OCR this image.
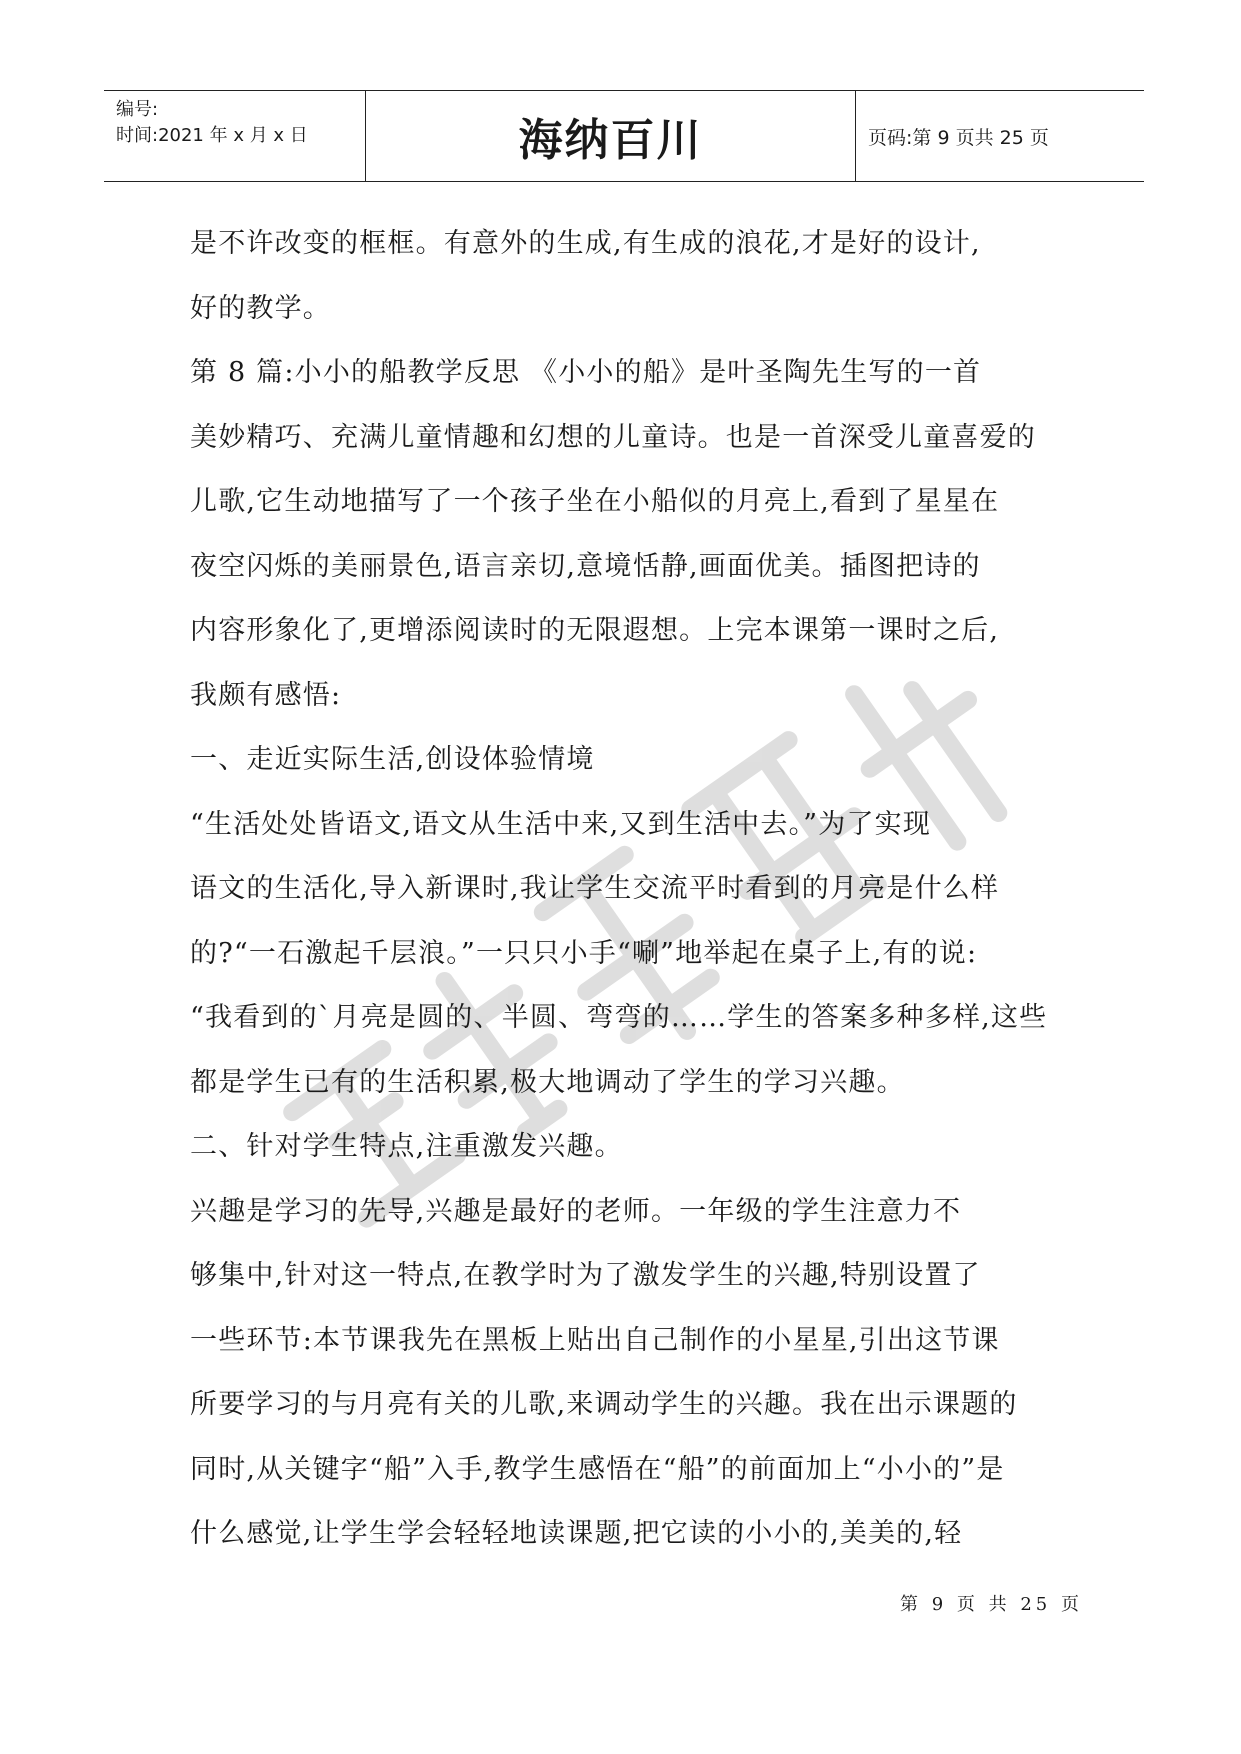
编号:
时间:2021 年 x 月 x 日	海纳百川	页码:第 9 页共 25 页
是不许改变的框框。有意外的生成,有生成的浪花,才是好的设计,
好的教学。
第 8 篇:小小的船教学反思 《小小的船》是叶圣陶先生写的一首
美妙精巧、充满儿童情趣和幻想的儿童诗。也是一首深受儿童喜爱的
儿歌,它生动地描写了一个孩子坐在小船似的月亮上,看到了星星在
夜空闪烁的美丽景色,语言亲切,意境恬静,画面优美。插图把诗的
内容形象化了,更增添阅读时的无限遐想。上完本课第一课时之后,
我颇有感悟:
一、走近实际生活,创设体验情境
“生活处处皆语文,语文从生活中来,又到生活中去。”为了实现
语文的生活化,导入新课时,我让学生交流平时看到的月亮是什么样
的?“一石激起千层浪。”一只只小手“唰”地举起在桌子上,有的说:
“我看到的`月亮是圆的、半圆、弯弯的……学生的答案多种多样,这些
都是学生已有的生活积累,极大地调动了学生的学习兴趣。
二、针对学生特点,注重激发兴趣。
兴趣是学习的先导,兴趣是最好的老师。一年级的学生注意力不
够集中,针对这一特点,在教学时为了激发学生的兴趣,特别设置了
一些环节:本节课我先在黑板上贴出自己制作的小星星,引出这节课
所要学习的与月亮有关的儿歌,来调动学生的兴趣。我在出示课题的
同时,从关键字“船”入手,教学生感悟在“船”的前面加上“小小的”是
什么感觉,让学生学会轻轻地读课题,把它读的小小的,美美的,轻
第 9 页 共 25 页
